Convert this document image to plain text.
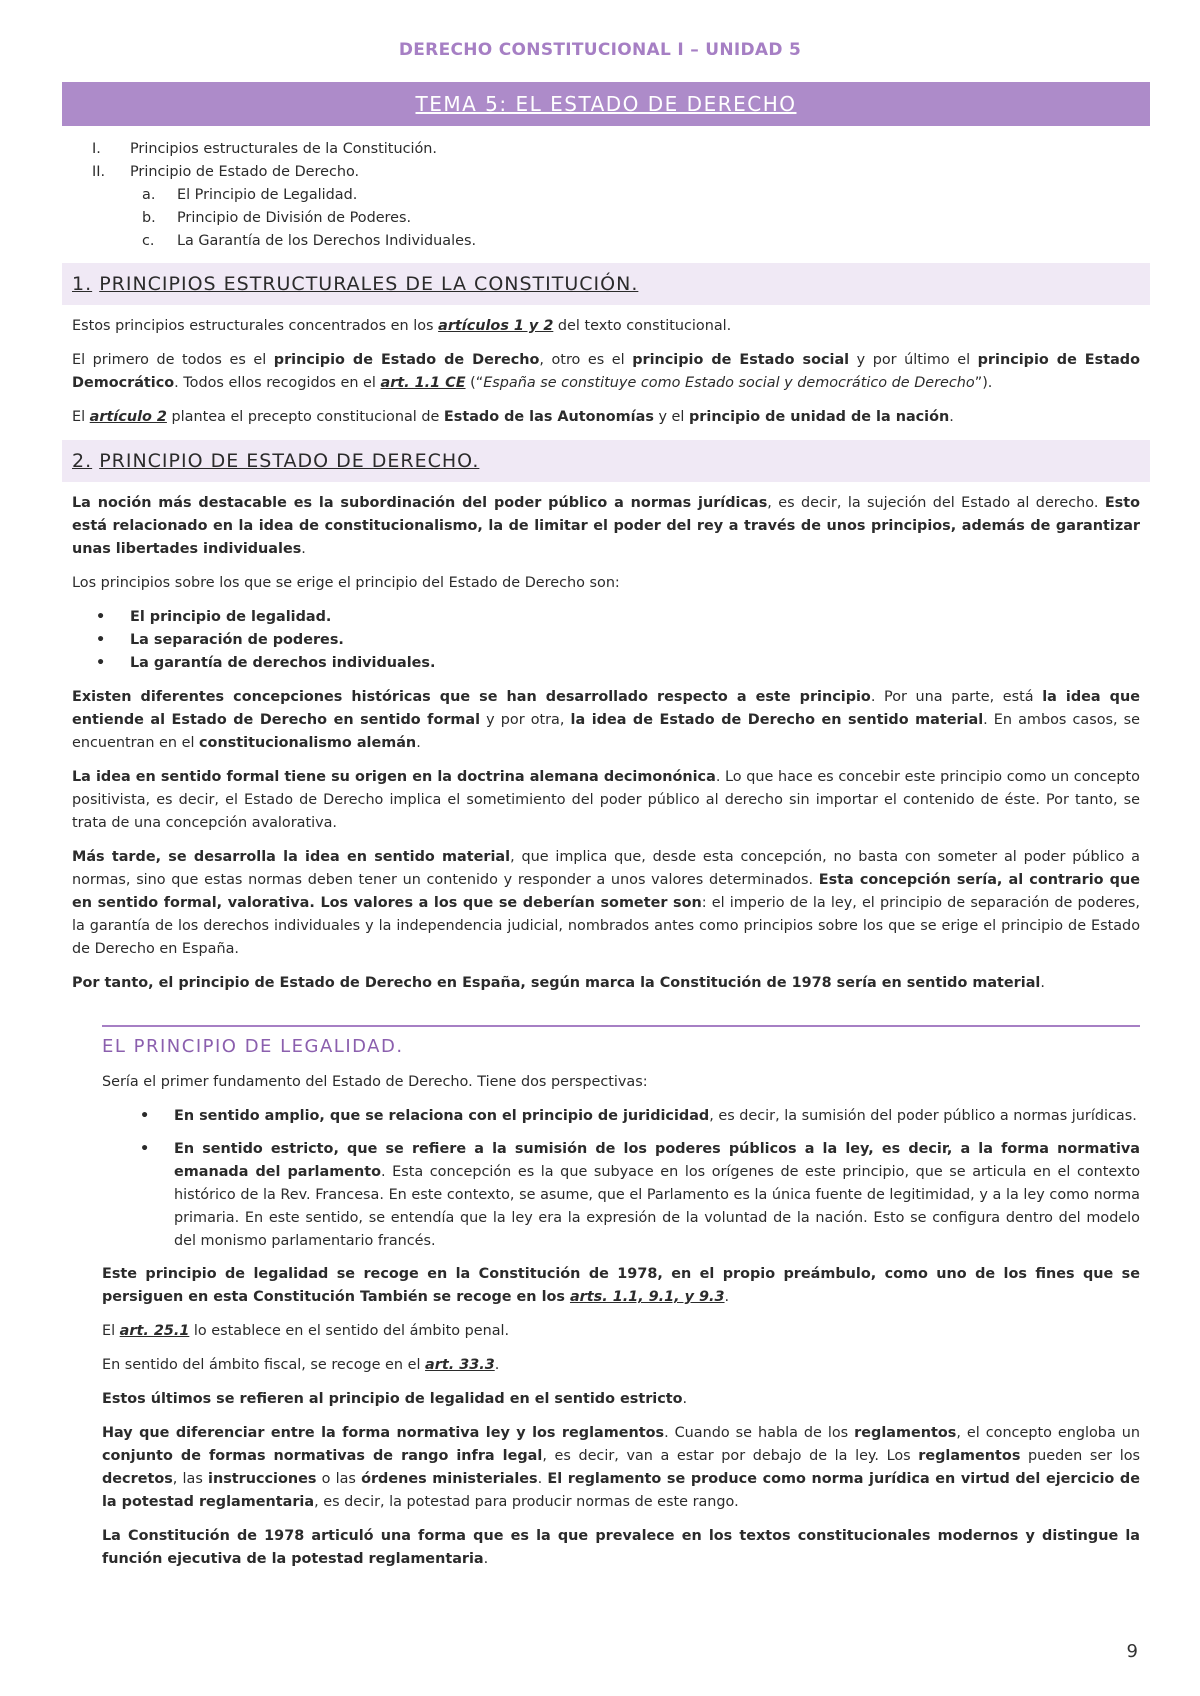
DERECHO CONSTITUCIONAL I – UNIDAD 5
TEMA 5: EL ESTADO DE DERECHO
I. Principios estructurales de la Constitución.
II. Principio de Estado de Derecho.
a. El Principio de Legalidad.
b. Principio de División de Poderes.
c. La Garantía de los Derechos Individuales.
1. PRINCIPIOS ESTRUCTURALES DE LA CONSTITUCIÓN.

Estos principios estructurales concentrados en los artículos 1 y 2 del texto constitucional.

El primero de todos es el principio de Estado de Derecho, otro es el principio de Estado social y por último el principio de Estado Democrático. Todos ellos recogidos en el art. 1.1 CE (“España se constituye como Estado social y democrático de Derecho”).

El artículo 2 plantea el precepto constitucional de Estado de las Autonomías y el principio de unidad de la nación.

2. PRINCIPIO DE ESTADO DE DERECHO.

La noción más destacable es la subordinación del poder público a normas jurídicas, es decir, la sujeción del Estado al derecho. Esto está relacionado en la idea de constitucionalismo, la de limitar el poder del rey a través de unos principios, además de garantizar unas libertades individuales.

Los principios sobre los que se erige el principio del Estado de Derecho son:

• El principio de legalidad.
• La separación de poderes.
• La garantía de derechos individuales.

Existen diferentes concepciones históricas que se han desarrollado respecto a este principio. Por una parte, está la idea que entiende al Estado de Derecho en sentido formal y por otra, la idea de Estado de Derecho en sentido material. En ambos casos, se encuentran en el constitucionalismo alemán.

La idea en sentido formal tiene su origen en la doctrina alemana decimonónica. Lo que hace es concebir este principio como un concepto positivista, es decir, el Estado de Derecho implica el sometimiento del poder público al derecho sin importar el contenido de éste. Por tanto, se trata de una concepción avalorativa.

Más tarde, se desarrolla la idea en sentido material, que implica que, desde esta concepción, no basta con someter al poder público a normas, sino que estas normas deben tener un contenido y responder a unos valores determinados. Esta concepción sería, al contrario que en sentido formal, valorativa. Los valores a los que se deberían someter son: el imperio de la ley, el principio de separación de poderes, la garantía de los derechos individuales y la independencia judicial, nombrados antes como principios sobre los que se erige el principio de Estado de Derecho en España.

Por tanto, el principio de Estado de Derecho en España, según marca la Constitución de 1978 sería en sentido material.

EL PRINCIPIO DE LEGALIDAD.

Sería el primer fundamento del Estado de Derecho. Tiene dos perspectivas:

• En sentido amplio, que se relaciona con el principio de juridicidad, es decir, la sumisión del poder público a normas jurídicas.
• En sentido estricto, que se refiere a la sumisión de los poderes públicos a la ley, es decir, a la forma normativa emanada del parlamento. Esta concepción es la que subyace en los orígenes de este principio, que se articula en el contexto histórico de la Rev. Francesa. En este contexto, se asume, que el Parlamento es la única fuente de legitimidad, y a la ley como norma primaria. En este sentido, se entendía que la ley era la expresión de la voluntad de la nación. Esto se configura dentro del modelo del monismo parlamentario francés.

Este principio de legalidad se recoge en la Constitución de 1978, en el propio preámbulo, como uno de los fines que se persiguen en esta Constitución También se recoge en los arts. 1.1, 9.1, y 9.3.

El art. 25.1 lo establece en el sentido del ámbito penal.

En sentido del ámbito fiscal, se recoge en el art. 33.3.

Estos últimos se refieren al principio de legalidad en el sentido estricto.

Hay que diferenciar entre la forma normativa ley y los reglamentos. Cuando se habla de los reglamentos, el concepto engloba un conjunto de formas normativas de rango infra legal, es decir, van a estar por debajo de la ley. Los reglamentos pueden ser los decretos, las instrucciones o las órdenes ministeriales. El reglamento se produce como norma jurídica en virtud del ejercicio de la potestad reglamentaria, es decir, la potestad para producir normas de este rango.

La Constitución de 1978 articuló una forma que es la que prevalece en los textos constitucionales modernos y distingue la función ejecutiva de la potestad reglamentaria.

9
